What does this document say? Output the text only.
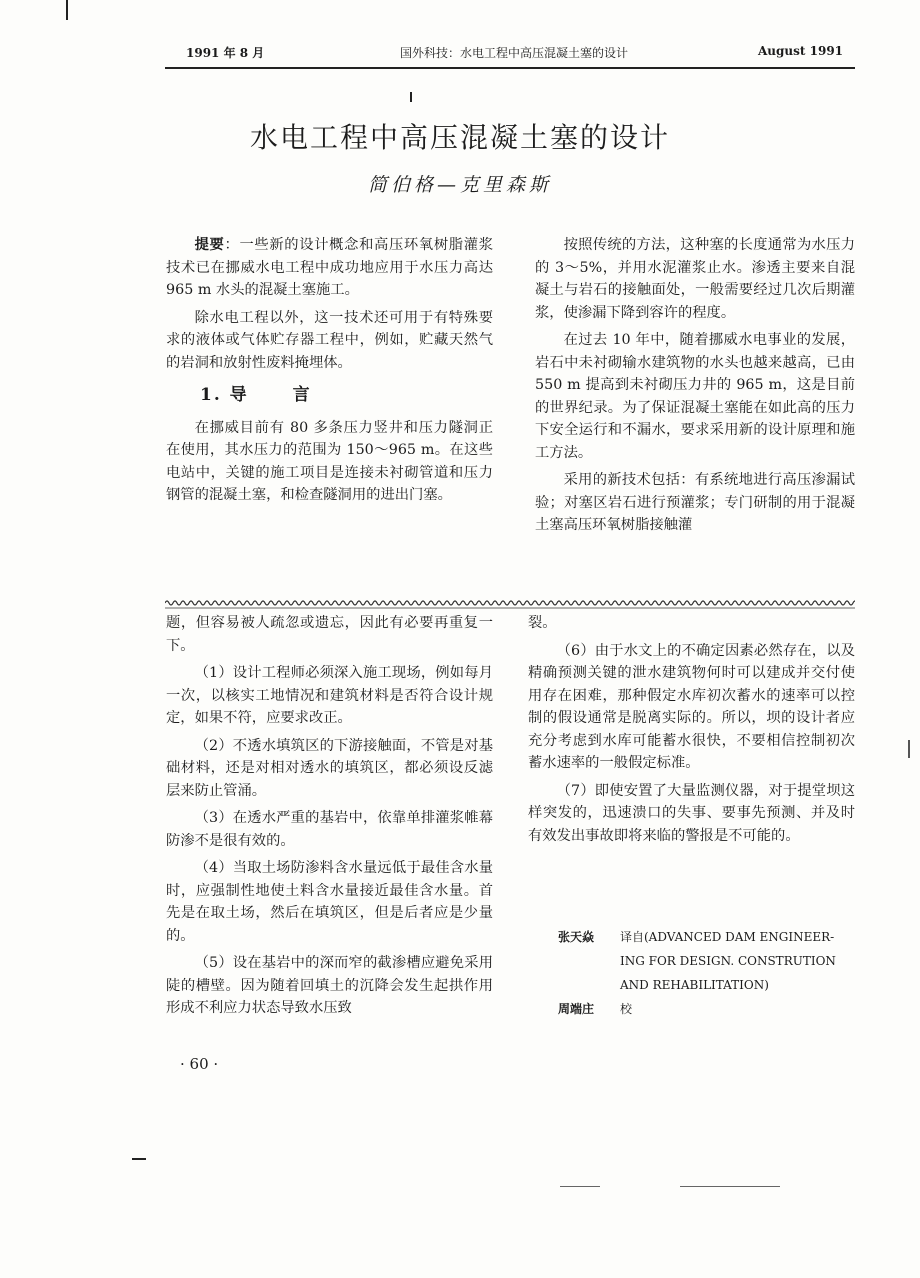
1991 年 8 月	国外科技：水电工程中高压混凝土塞的设计	August 1991
水电工程中高压混凝土塞的设计
简伯格—克里森斯

提要：一些新的设计概念和高压环氧树脂灌浆技术已在挪威水电工程中成功地应用于水压力高达 965 m 水头的混凝土塞施工。

除水电工程以外，这一技术还可用于有特殊要求的液体或气体贮存器工程中，例如，贮藏天然气的岩洞和放射性废料掩埋体。

1. 导	言

在挪威目前有 80 多条压力竖井和压力隧洞正在使用，其水压力的范围为 150～965 m。在这些电站中，关键的施工项目是连接未衬砌管道和压力钢管的混凝土塞，和检查隧洞用的进出门塞。

按照传统的方法，这种塞的长度通常为水压力的 3～5%，并用水泥灌浆止水。渗透主要来自混凝土与岩石的接触面处，一般需要经过几次后期灌浆，使渗漏下降到容许的程度。

在过去 10 年中，随着挪威水电事业的发展，岩石中未衬砌输水建筑物的水头也越来越高，已由 550 m 提高到未衬砌压力井的 965 m，这是目前的世界纪录。为了保证混凝土塞能在如此高的压力下安全运行和不漏水，要求采用新的设计原理和施工方法。

采用的新技术包括：有系统地进行高压渗漏试验；对塞区岩石进行预灌浆；专门研制的用于混凝土塞高压环氧树脂接触灌

题，但容易被人疏忽或遗忘，因此有必要再重复一下。

（1）设计工程师必须深入施工现场，例如每月一次，以核实工地情况和建筑材料是否符合设计规定，如果不符，应要求改正。

（2）不透水填筑区的下游接触面，不管是对基础材料，还是对相对透水的填筑区，都必须设反滤层来防止管涌。

（3）在透水严重的基岩中，依靠单排灌浆帷幕防渗不是很有效的。

（4）当取土场防渗料含水量远低于最佳含水量时，应强制性地使土料含水量接近最佳含水量。首先是在取土场，然后在填筑区，但是后者应是少量的。

（5）设在基岩中的深而窄的截渗槽应避免采用陡的槽壁。因为随着回填土的沉降会发生起拱作用形成不利应力状态导致水压致

裂。

（6）由于水文上的不确定因素必然存在，以及精确预测关键的泄水建筑物何时可以建成并交付使用存在困难，那种假定水库初次蓄水的速率可以控制的假设通常是脱离实际的。所以，坝的设计者应充分考虑到水库可能蓄水很快，不要相信控制初次蓄水速率的一般假定标准。

（7）即使安置了大量监测仪器，对于提堂坝这样突发的，迅速溃口的失事、要事先预测、并及时有效发出事故即将来临的警报是不可能的。

张天焱 译自(ADVANCED DAM ENGINEER-
ING FOR DESIGN. CONSTRUTION
AND REHABILITATION)
周端庄 校
· 60 ·
